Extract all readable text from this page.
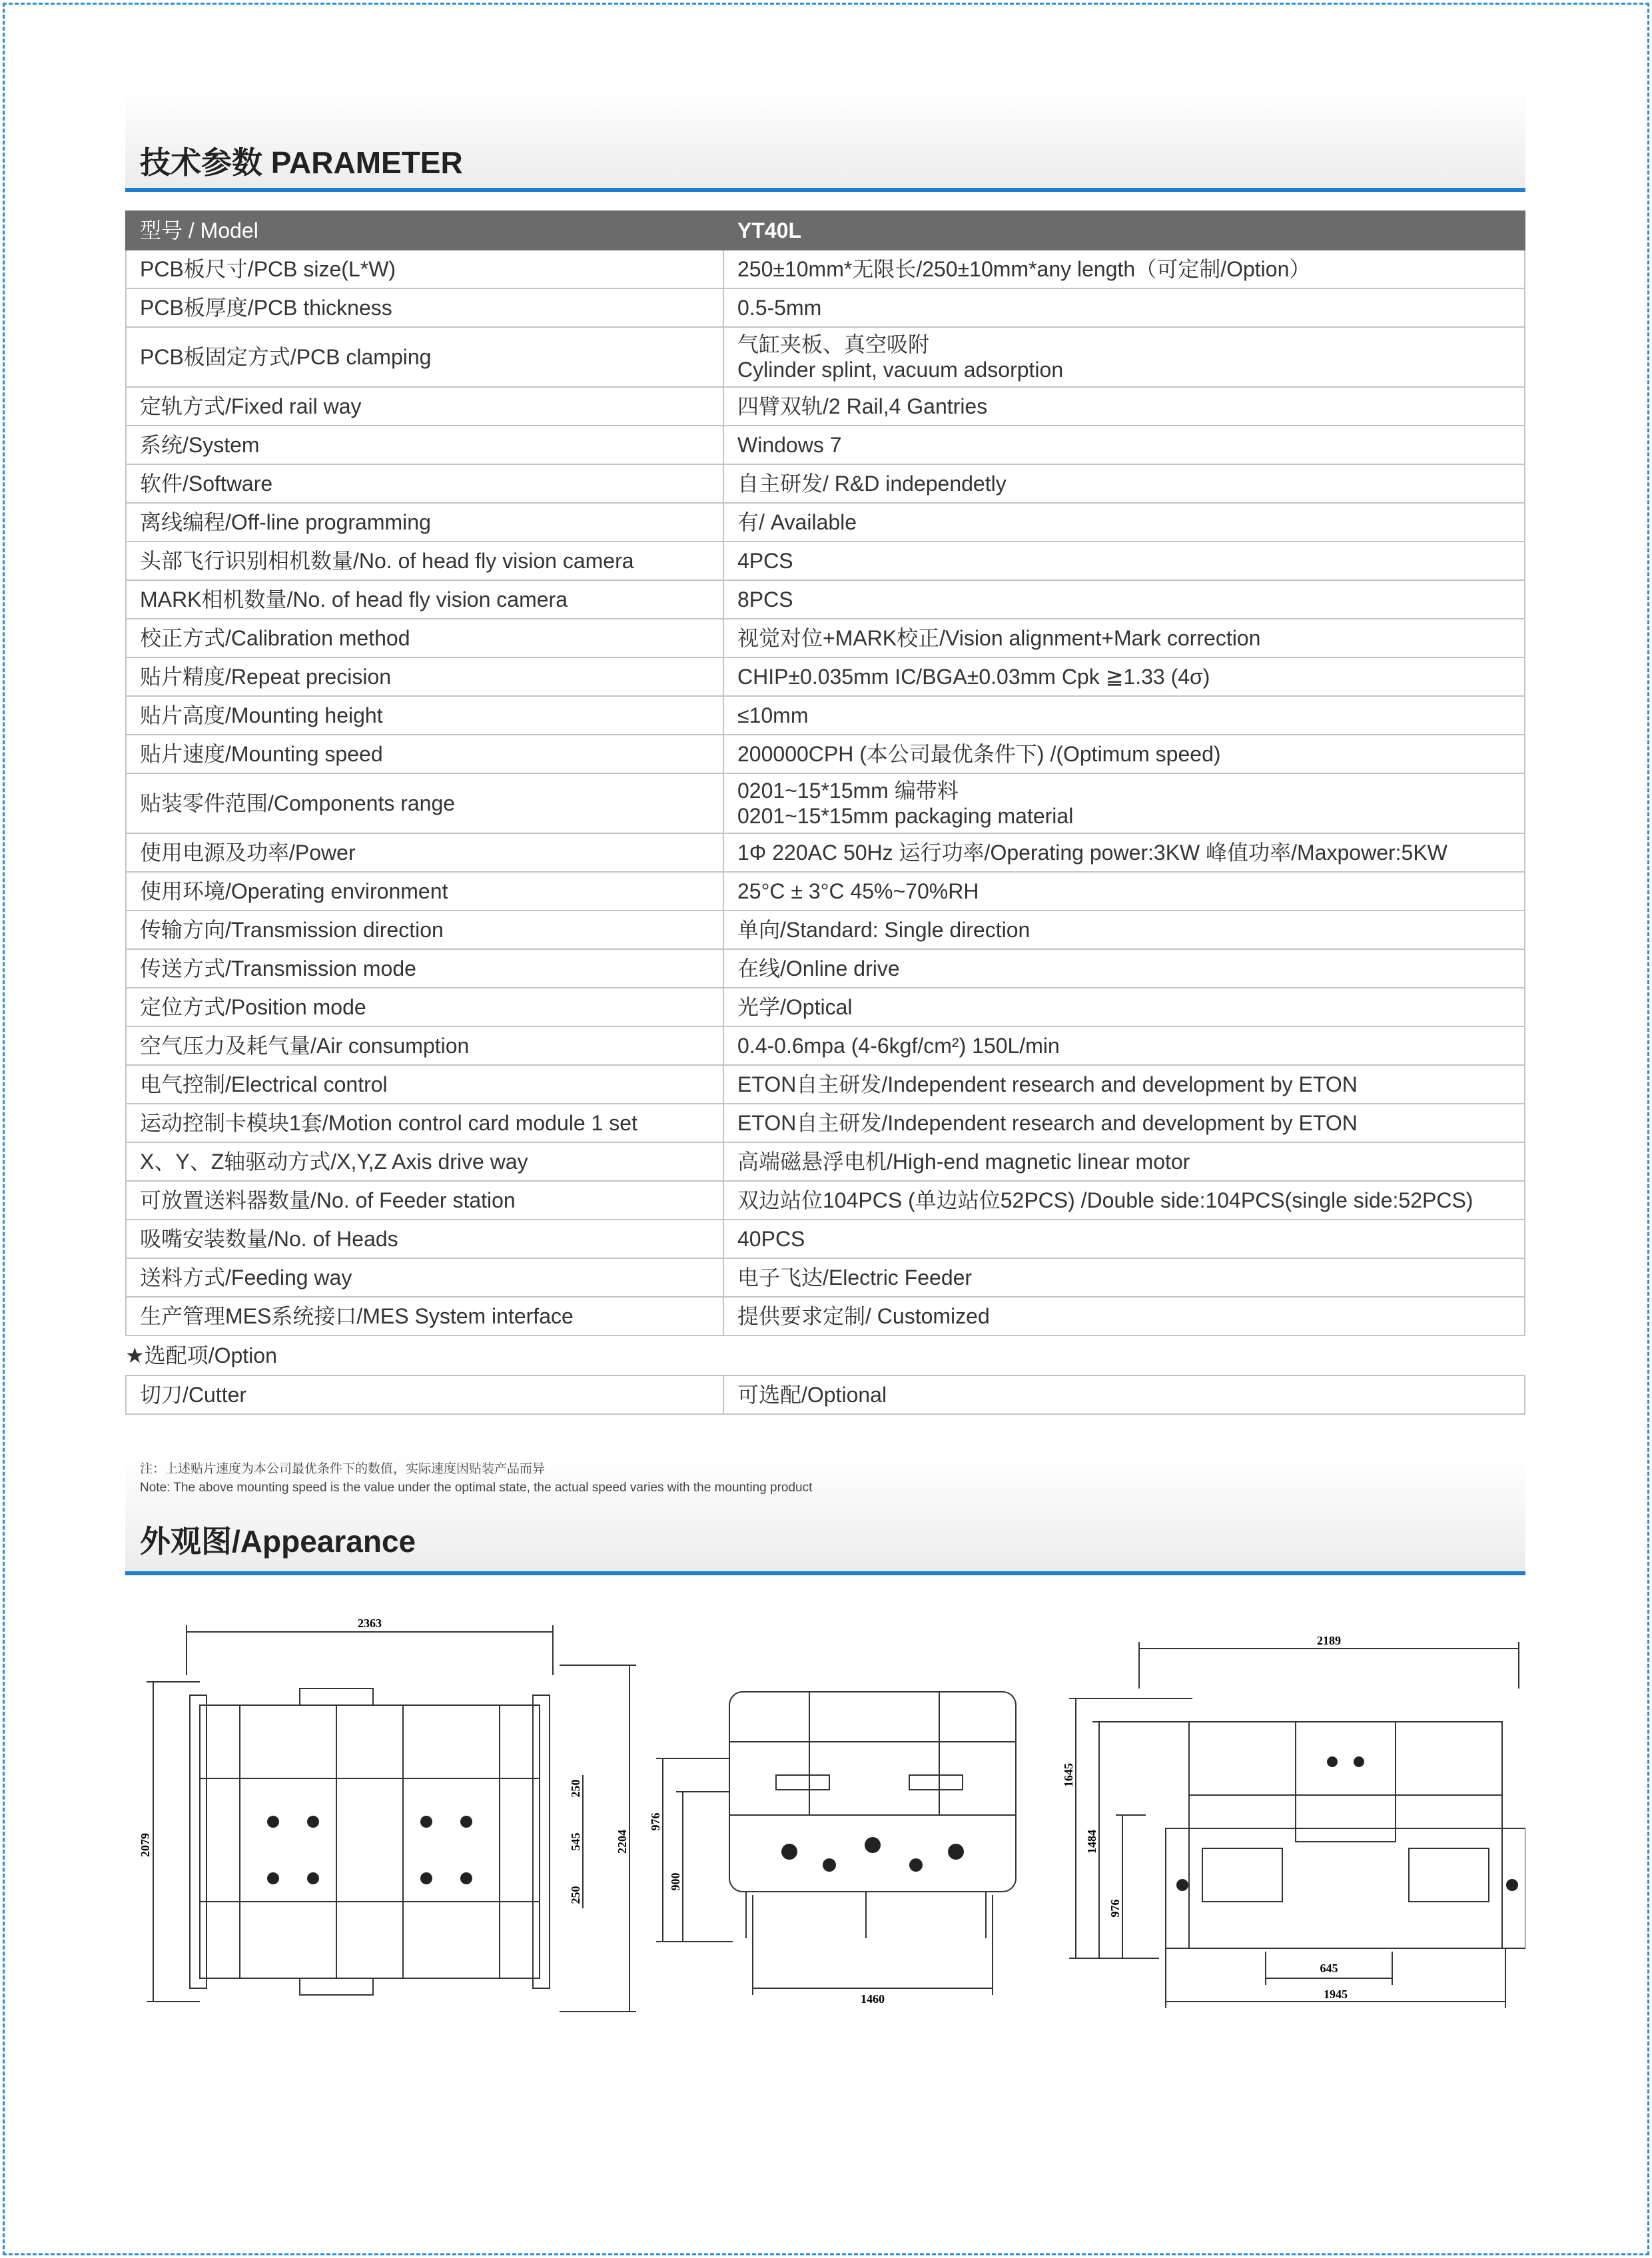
技术参数 PARAMETER
型号 / Model	YT40L
PCB板尺寸/PCB size(L*W)	250±10mm*无限长/250±10mm*any length（可定制/Option）
PCB板厚度/PCB thickness	0.5-5mm
PCB板固定方式/PCB clamping	气缸夹板、真空吸附
Cylinder splint, vacuum adsorption
定轨方式/Fixed rail way	四臂双轨/2 Rail,4 Gantries
系统/System	Windows 7
软件/Software	自主研发/ R&D independetly
离线编程/Off-line programming	有/ Available
头部飞行识别相机数量/No. of head fly vision camera	4PCS
MARK相机数量/No. of head fly vision camera	8PCS
校正方式/Calibration method	视觉对位+MARK校正/Vision alignment+Mark correction
贴片精度/Repeat precision	CHIP±0.035mm IC/BGA±0.03mm Cpk ≧1.33 (4σ)
贴片高度/Mounting height	≤10mm
贴片速度/Mounting speed	200000CPH (本公司最优条件下) /(Optimum speed)
贴装零件范围/Components range	0201~15*15mm 编带料
0201~15*15mm packaging material
使用电源及功率/Power	1Φ 220AC 50Hz 运行功率/Operating power:3KW 峰值功率/Maxpower:5KW
使用环境/Operating environment	25°C ± 3°C 45%~70%RH
传输方向/Transmission direction	单向/Standard: Single direction
传送方式/Transmission mode	在线/Online drive
定位方式/Position mode	光学/Optical
空气压力及耗气量/Air consumption	0.4-0.6mpa (4-6kgf/cm²) 150L/min
电气控制/Electrical control	ETON自主研发/Independent research and development by ETON
运动控制卡模块1套/Motion control card module 1 set	ETON自主研发/Independent research and development by ETON
X、Y、Z轴驱动方式/X,Y,Z Axis drive way	高端磁悬浮电机/High-end magnetic linear motor
可放置送料器数量/No. of Feeder station	双边站位104PCS (单边站位52PCS) /Double side:104PCS(single side:52PCS)
吸嘴安装数量/No. of Heads	40PCS
送料方式/Feeding way	电子飞达/Electric Feeder
生产管理MES系统接口/MES System interface	提供要求定制/ Customized
★选配项/Option
切刀/Cutter	可选配/Optional
注：上述贴片速度为本公司最优条件下的数值，实际速度因贴装产品而异
Note: The above mounting speed is the value under the optimal state, the actual speed varies with the mounting product
外观图/Appearance
2363
2079	2204
250
545
250
976
900
1460
2189
1645
1484
976
645
1945
